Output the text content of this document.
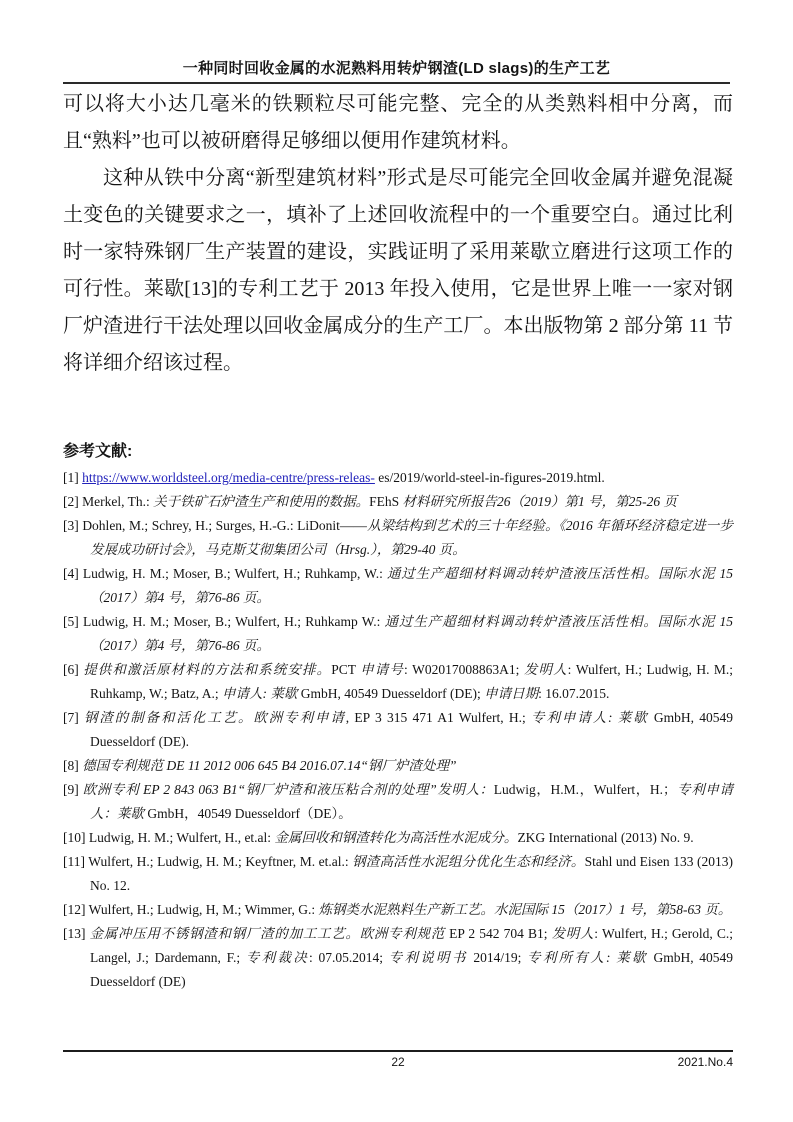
一种同时回收金属的水泥熟料用转炉钢渣(LD slags)的生产工艺

可以将大小达几毫米的铁颗粒尽可能完整、完全的从类熟料相中分离，而且“熟料”也可以被研磨得足够细以便用作建筑材料。

这种从铁中分离“新型建筑材料”形式是尽可能完全回收金属并避免混凝土变色的关键要求之一，填补了上述回收流程中的一个重要空白。通过比利时一家特殊钢厂生产装置的建设，实践证明了采用莱歇立磨进行这项工作的可行性。莱歇[13]的专利工艺于 2013 年投入使用，它是世界上唯一一家对钢厂炉渣进行干法处理以回收金属成分的生产工厂。本出版物第 2 部分第 11 节将详细介绍该过程。

参考文献:
[1] https://www.worldsteel.org/media-centre/press-releas- es/2019/world-steel-in-figures-2019.html.
[2] Merkel, Th.: 关于铁矿石炉渣生产和使用的数据。FEhS 材料研究所报告26（2019）第1 号，第25-26 页
[3] Dohlen, M.; Schrey, H.; Surges, H.-G.: LiDonit——从梁结构到艺术的三十年经验。《2016 年循环经济稳定进一步发展成功研讨会》，马克斯艾彻集团公司（Hrsg.），第29-40 页。
[4] Ludwig, H. M.; Moser, B.; Wulfert, H.; Ruhkamp, W.: 通过生产超细材料调动转炉渣液压活性相。国际水泥 15（2017）第4 号，第76-86 页。
[5] Ludwig, H. M.; Moser, B.; Wulfert, H.; Ruhkamp W.: 通过生产超细材料调动转炉渣液压活性相。国际水泥 15（2017）第4 号，第76-86 页。
[6] 提供和激活原材料的方法和系统安排。PCT 申请号: W02017008863A1; 发明人: Wulfert, H.; Ludwig, H. M.; Ruhkamp, W.; Batz, A.; 申请人: 莱歇 GmbH, 40549 Duesseldorf (DE); 申请日期: 16.07.2015.
[7] 钢渣的制备和活化工艺。欧洲专利申请, EP 3 315 471 A1 Wulfert, H.; 专利申请人: 莱歇 GmbH, 40549 Duesseldorf (DE).
[8] 德国专利规范 DE 11 2012 006 645 B4 2016.07.14“钢厂炉渣处理”
[9] 欧洲专利 EP 2 843 063 B1“钢厂炉渣和液压粘合剂的处理”发明人：Ludwig，H.M.，Wulfert，H.；专利申请人：莱歇 GmbH，40549 Duesseldorf（DE）。
[10] Ludwig, H. M.; Wulfert, H., et.al: 金属回收和钢渣转化为高活性水泥成分。ZKG International (2013) No. 9.
[11] Wulfert, H.; Ludwig, H. M.; Keyftner, M. et.al.: 钢渣高活性水泥组分优化生态和经济。Stahl und Eisen 133 (2013) No. 12.
[12] Wulfert, H.; Ludwig, H, M.; Wimmer, G.: 炼钢类水泥熟料生产新工艺。水泥国际 15（2017）1 号，第58-63 页。
[13] 金属冲压用不锈钢渣和钢厂渣的加工工艺。欧洲专利规范 EP 2 542 704 B1; 发明人: Wulfert, H.; Gerold, C.; Langel, J.; Dardemann, F.; 专利裁决: 07.05.2014; 专利说明书 2014/19; 专利所有人: 莱歇 GmbH, 40549 Duesseldorf (DE)
22	2021.No.4
